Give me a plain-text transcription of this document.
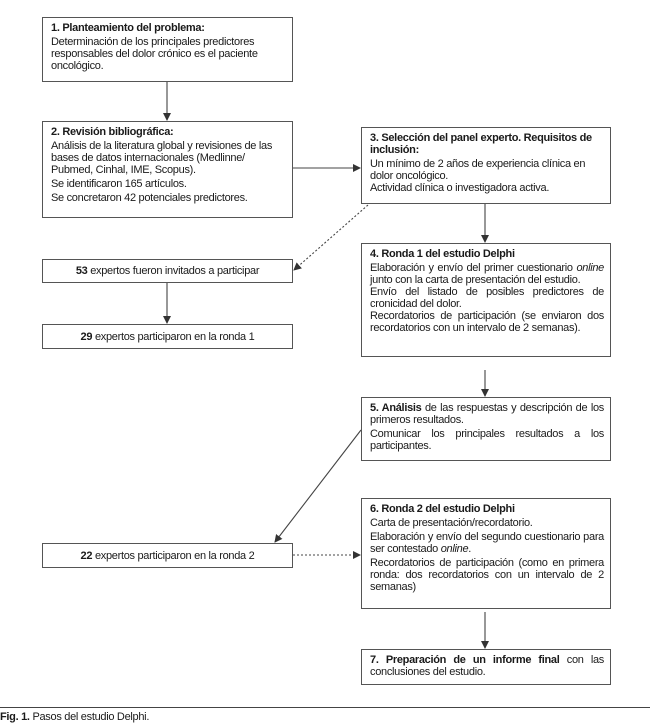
1. Planteamiento del problema:

Determinación de los principales predictores responsables del dolor crónico es el paciente oncológico.

2. Revisión bibliográfica:

Análisis de la literatura global y revisiones de las bases de datos internacionales (Medlinne/ Pubmed, Cinhal, IME, Scopus).

Se identificaron 165 artículos.

Se concretaron 42 potenciales predictores.

3. Selección del panel experto. Requisitos de inclusión:

Un mínimo de 2 años de experiencia clínica en dolor oncológico.

Actividad clínica o investigadora activa.

4. Ronda 1 del estudio Delphi

Elaboración y envío del primer cuestionario online junto con la carta de presentación del estudio.

Envío del listado de posibles predictores de cronicidad del dolor.

Recordatorios de participación (se enviaron dos recordatorios con un intervalo de 2 semanas).

53 expertos fueron invitados a participar
29 expertos participaron en la ronda 1

5. Análisis de las respuestas y descripción de los primeros resultados.

Comunicar los principales resultados a los participantes.

6. Ronda 2 del estudio Delphi

Carta de presentación/recordatorio.

Elaboración y envío del segundo cuestionario para ser contestado online.

Recordatorios de participación (como en primera ronda: dos recordatorios con un intervalo de 2 semanas)

22 expertos participaron en la ronda 2

7. Preparación de un informe final con las conclusiones del estudio.

Fig. 1. Pasos del estudio Delphi.
